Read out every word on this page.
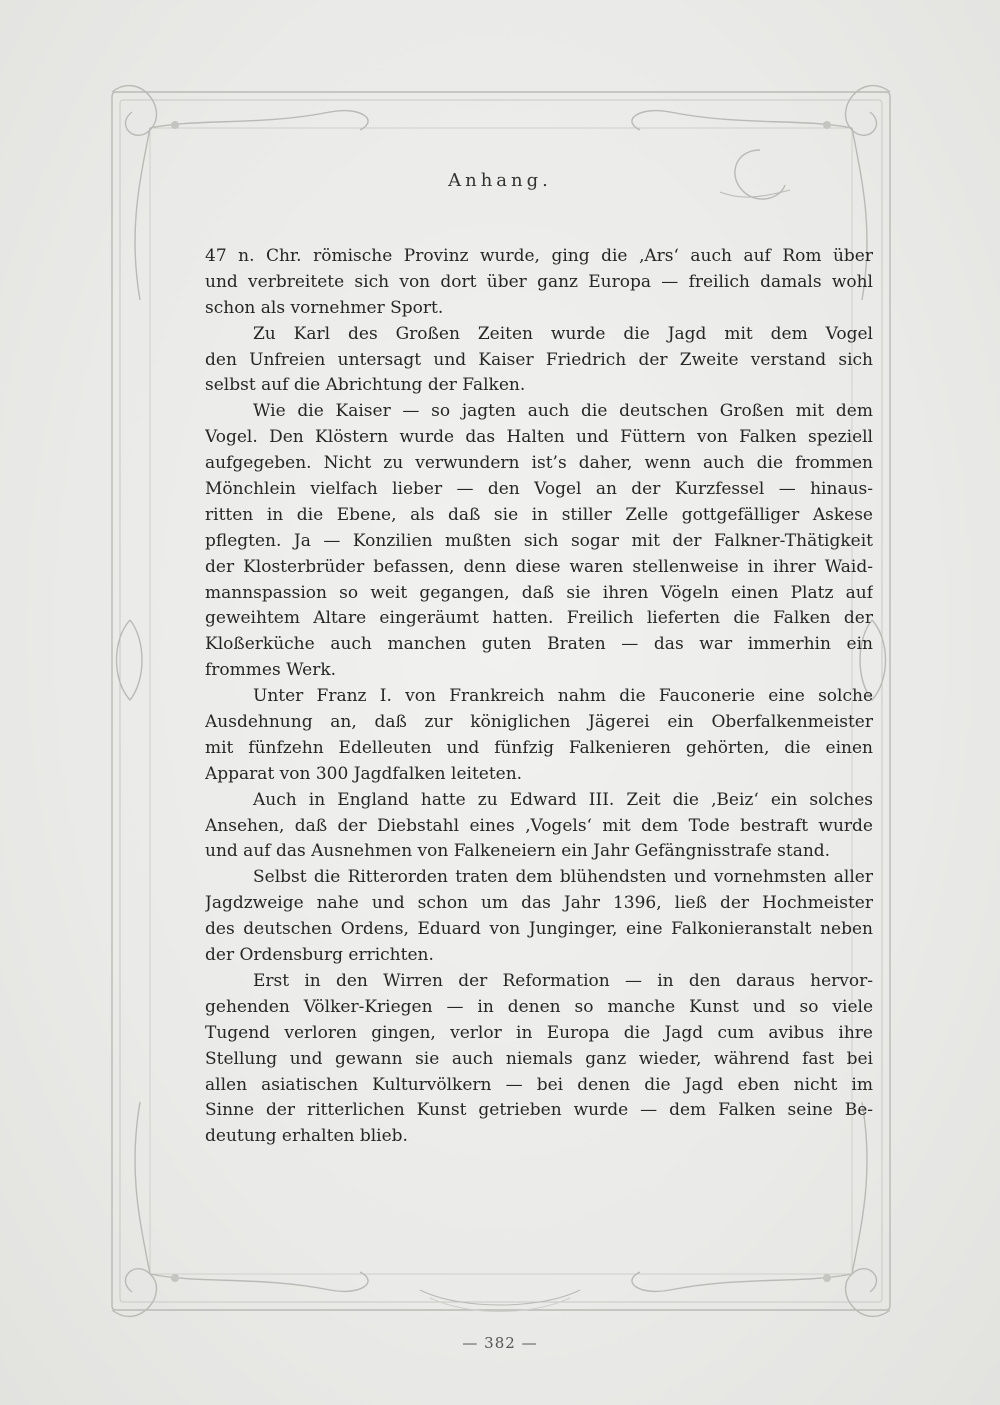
Anhang.
47 n. Chr. römische Provinz wurde, ging die ‚Ars‘ auch auf Rom über
und verbreitete sich von dort über ganz Europa — freilich damals wohl
schon als vornehmer Sport.
Zu Karl des Großen Zeiten wurde die Jagd mit dem Vogel
den Unfreien untersagt und Kaiser Friedrich der Zweite verstand sich
selbst auf die Abrichtung der Falken.
Wie die Kaiser — so jagten auch die deutschen Großen mit dem
Vogel. Den Klöstern wurde das Halten und Füttern von Falken speziell
aufgegeben. Nicht zu verwundern ist’s daher, wenn auch die frommen
Mönchlein vielfach lieber — den Vogel an der Kurzfessel — hinaus-
ritten in die Ebene, als daß sie in stiller Zelle gottgefälliger Askese
pflegten. Ja — Konzilien mußten sich sogar mit der Falkner-Thätigkeit
der Klosterbrüder befassen, denn diese waren stellenweise in ihrer Waid-
mannspassion so weit gegangen, daß sie ihren Vögeln einen Platz auf
geweihtem Altare eingeräumt hatten. Freilich lieferten die Falken der
Kloßerküche auch manchen guten Braten — das war immerhin ein
frommes Werk.
Unter Franz I. von Frankreich nahm die Fauconerie eine solche
Ausdehnung an, daß zur königlichen Jägerei ein Oberfalkenmeister
mit fünfzehn Edelleuten und fünfzig Falkenieren gehörten, die einen
Apparat von 300 Jagdfalken leiteten.
Auch in England hatte zu Edward III. Zeit die ‚Beiz‘ ein solches
Ansehen, daß der Diebstahl eines ‚Vogels‘ mit dem Tode bestraft wurde
und auf das Ausnehmen von Falkeneiern ein Jahr Gefängnisstrafe stand.
Selbst die Ritterorden traten dem blühendsten und vornehmsten aller
Jagdzweige nahe und schon um das Jahr 1396, ließ der Hochmeister
des deutschen Ordens, Eduard von Junginger, eine Falkonieranstalt neben
der Ordensburg errichten.
Erst in den Wirren der Reformation — in den daraus hervor-
gehenden Völker-Kriegen — in denen so manche Kunst und so viele
Tugend verloren gingen, verlor in Europa die Jagd cum avibus ihre
Stellung und gewann sie auch niemals ganz wieder, während fast bei
allen asiatischen Kulturvölkern — bei denen die Jagd eben nicht im
Sinne der ritterlichen Kunst getrieben wurde — dem Falken seine Be-
deutung erhalten blieb.
— 382 —
